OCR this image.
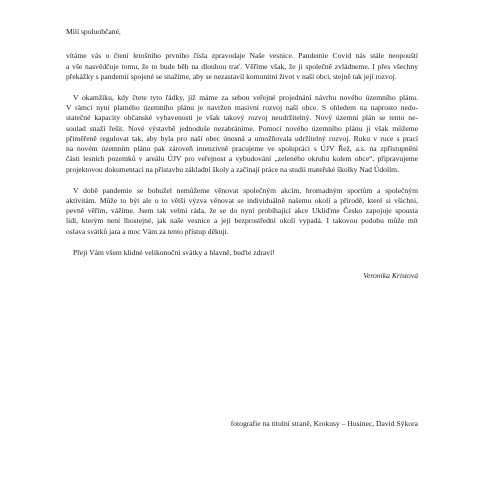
Milí spoluobčané,

vítáme vás u čtení letošního prvního čísla zpravodaje Naše vesnice. Pandemie Covid nás stále neopouští
a vše nasvědčuje tomu, že to bude běh na dlouhou trať. Věříme však, že ji společně zvládneme. I přes všechny
překážky s pandemií spojené se snažíme, aby se nezastavil komunitní život v naší obci, stejně tak její rozvoj.
V okamžiku, kdy čtete tyto řádky, již máme za sebou veřejné projednání návrhu nového územního plánu.
V rámci nyní platného územního plánu je navržen masivní rozvoj naší obce. S ohledem na naprosto nedo-
statečné kapacity občanské vybavenosti je však takový rozvoj neudržitelný. Nový územní plán se tento ne-
soulad snaží řešit. Nové výstavbě jednoduše nezabráníme. Pomocí nového územního plánu ji však můžeme
přiměřeně regulovat tak, aby byla pro naši obec únosná a umožňovala udržitelný rozvoj. Ruku v ruce s prací
na novém územním plánu pak zároveň intenzivně pracujeme ve spolupráci s ÚJV Řež, a.s. na zpřístupnění
části lesních pozemků v areálu ÚJV pro veřejnost a vybudování „zeleného okruhu kolem obce“, připravujeme
projektovou dokumentaci na přístavbu základní školy a začínají práce na studii mateřské školky Nad Údolím.
V době pandemie se bohužel nemůžeme věnovat společným akcím, hromadným sportům a společným
aktivitám. Může to být ale o to větší výzva věnovat se individuálně našemu okolí a přírodě, které si všichni,
pevně věřím, vážíme. Jsem tak velmi ráda, že se do nyní probíhající akce Ukliďme Česko zapojuje spousta
lidí, kterým není lhostejné, jak naše vesnice a její bezprostřední okolí vypadá. I takovou podobu může mít
oslava svátků jara a moc Vám za tento přístup děkuji.
Přeji Vám všem klidné velikonoční svátky a hlavně, buďte zdraví!
Veronika Kristová
fotografie na titulní straně, Krokusy – Husinec, David Sýkora
